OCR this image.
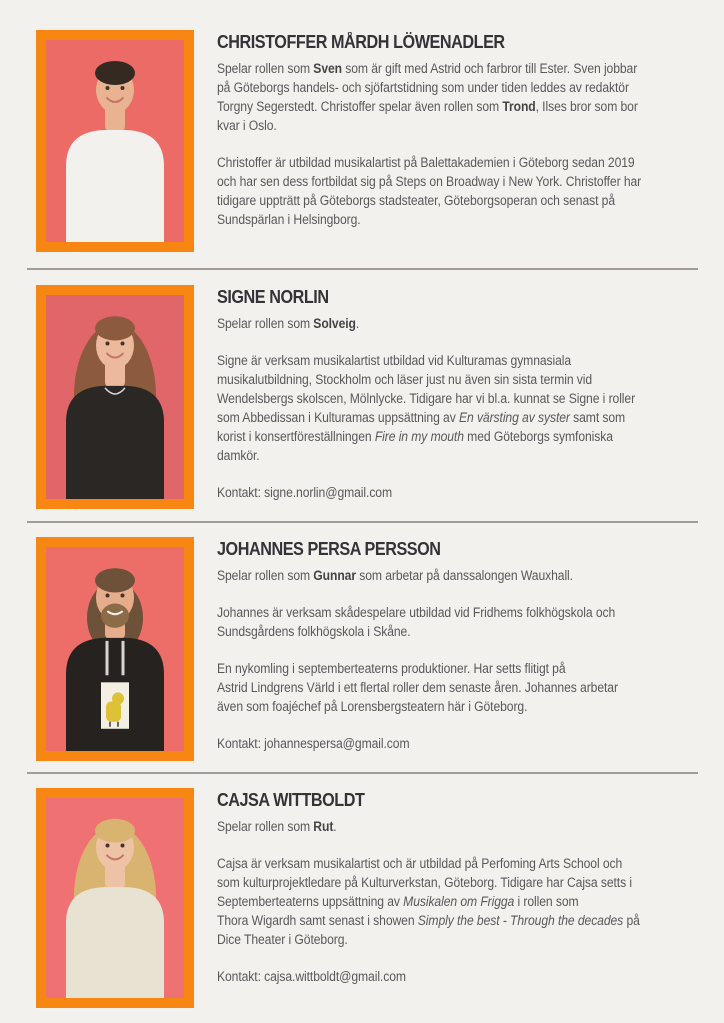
CHRISTOFFER MÅRDH LÖWENADLER
Spelar rollen som Sven som är gift med Astrid och farbror till Ester. Sven jobbar
på Göteborgs handels- och sjöfartstidning som under tiden leddes av redaktör
Torgny Segerstedt. Christoffer spelar även rollen som Trond, Ilses bror som bor
kvar i Oslo.
Christoffer är utbildad musikalartist på Balettakademien i Göteborg sedan 2019
och har sen dess fortbildat sig på Steps on Broadway i New York. Christoffer har
tidigare uppträtt på Göteborgs stadsteater, Göteborgsoperan och senast på
Sundspärlan i Helsingborg.
SIGNE NORLIN
Spelar rollen som Solveig.
Signe är verksam musikalartist utbildad vid Kulturamas gymnasiala
musikalutbildning, Stockholm och läser just nu även sin sista termin vid
Wendelsbergs skolscen, Mölnlycke. Tidigare har vi bl.a. kunnat se Signe i roller
som Abbedissan i Kulturamas uppsättning av En värsting av syster samt som
korist i konsertföreställningen Fire in my mouth med Göteborgs symfoniska
damkör.
Kontakt: signe.norlin@gmail.com
JOHANNES PERSA PERSSON
Spelar rollen som Gunnar som arbetar på danssalongen Wauxhall.
Johannes är verksam skådespelare utbildad vid Fridhems folkhögskola och
Sundsgårdens folkhögskola i Skåne.
En nykomling i septemberteaterns produktioner. Har setts flitigt på
Astrid Lindgrens Värld i ett flertal roller dem senaste åren. Johannes arbetar
även som foajéchef på Lorensbergsteatern här i Göteborg.
Kontakt: johannespersa@gmail.com
CAJSA WITTBOLDT
Spelar rollen som Rut.
Cajsa är verksam musikalartist och är utbildad på Perfoming Arts School och
som kulturprojektledare på Kulturverkstan, Göteborg. Tidigare har Cajsa setts i
Septemberteaterns uppsättning av Musikalen om Frigga i rollen som
Thora Wigardh samt senast i showen Simply the best - Through the decades på
Dice Theater i Göteborg.
Kontakt: cajsa.wittboldt@gmail.com
